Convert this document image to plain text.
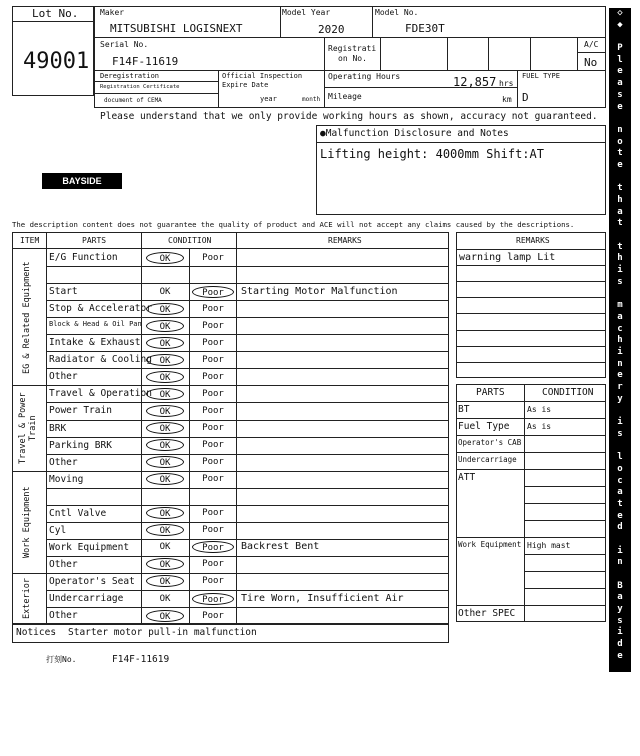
Lot No.
49001
Maker
MITSUBISHI LOGISNEXT
Model Year
2020
Model No.
FDE30T
Serial No.
F14F-11619
Registrati
on No.
A/C
No
Deregistration
Registration Certificate
document of CEMA
Official Inspection
Expire Date
year	month
Operating Hours	12,857 hrs
Mileage	km
FUEL TYPE
D
Please understand that we only provide working hours as shown, accuracy not guaranteed.
●Malfunction Disclosure and Notes
Lifting height: 4000mm Shift:AT
BAYSIDE
The description content does not guarantee the quality of product and ACE will not accept any claims caused by the descriptions.
ITEM	PARTS	CONDITION	REMARKS
EG & Related Equipment
Travel & Power Train
Work Equipment
Exterior
E/G Function	OK	Poor
Start	OK	Poor	Starting Motor Malfunction
Stop & Accelerator OK	Poor
Block & Head & Oil Pan	OK	Poor
Intake & Exhaust	OK	Poor
Radiator & Cooling OK	Poor
Other	OK	Poor
Travel & Operation OK	Poor
Power Train	OK	Poor
BRK	OK	Poor
Parking BRK	OK	Poor
Other	OK	Poor
Moving	OK	Poor
Cntl Valve	OK	Poor
Cyl	OK	Poor
Work Equipment	OK	Poor	Backrest Bent
Other	OK	Poor
Operator's Seat	OK	Poor
Undercarriage	OK	Poor	Tire Worn, Insufficient Air
Other	OK	Poor
Notices Starter motor pull-in malfunction
打刻No.	F14F-11619
REMARKS
warning lamp Lit
PARTS	CONDITION
BT	As is
Fuel Type As is
Operator's CAB
Undercarriage
ATT
Work Equipment High mast
Other SPEC
◇
◆

P
l
e
a
s
e

n
o
t
e

t
h
a
t

t
h
i
s

m
a
c
h
i
n
e
r
y

i
s

l
o
c
a
t
e
d

i
n

B
a
y
s
i
d
e

Y
a
r
d

◆
◇
